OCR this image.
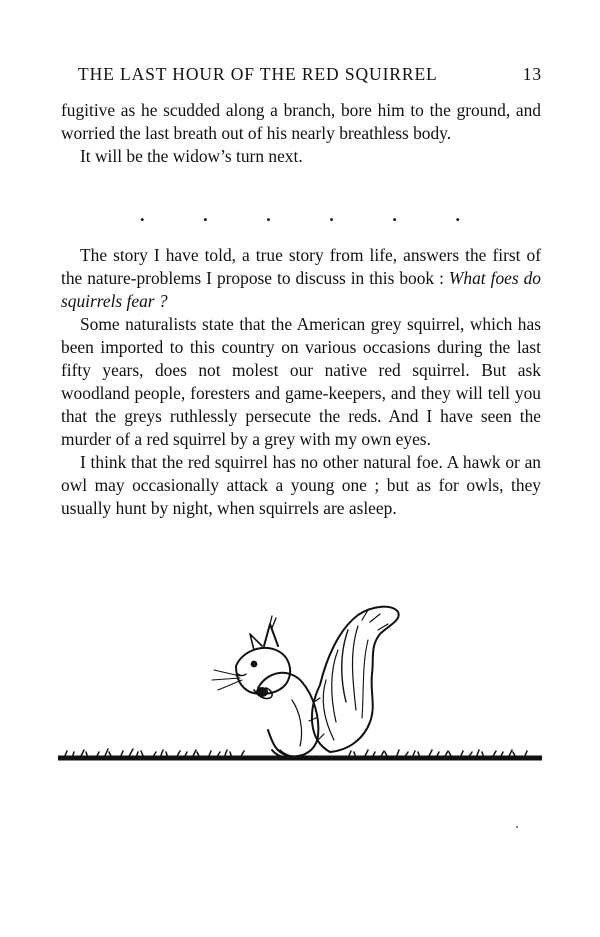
THE LAST HOUR OF THE RED SQUIRREL	13

fugitive as he scudded along a branch, bore him to the ground, and worried the last breath out of his nearly breathless body.

It will be the widow’s turn next.

.	.	.	.	.	.

The story I have told, a true story from life, answers the first of the nature-problems I propose to discuss in this book : What foes do squirrels fear ?

Some naturalists state that the American grey squirrel, which has been imported to this country on various occasions during the last fifty years, does not molest our native red squirrel. But ask woodland people, foresters and game-keepers, and they will tell you that the greys ruthlessly persecute the reds. And I have seen the murder of a red squirrel by a grey with my own eyes.

I think that the red squirrel has no other natural foe. A hawk or an owl may occasionally attack a young one ; but as for owls, they usually hunt by night, when squirrels are asleep.
